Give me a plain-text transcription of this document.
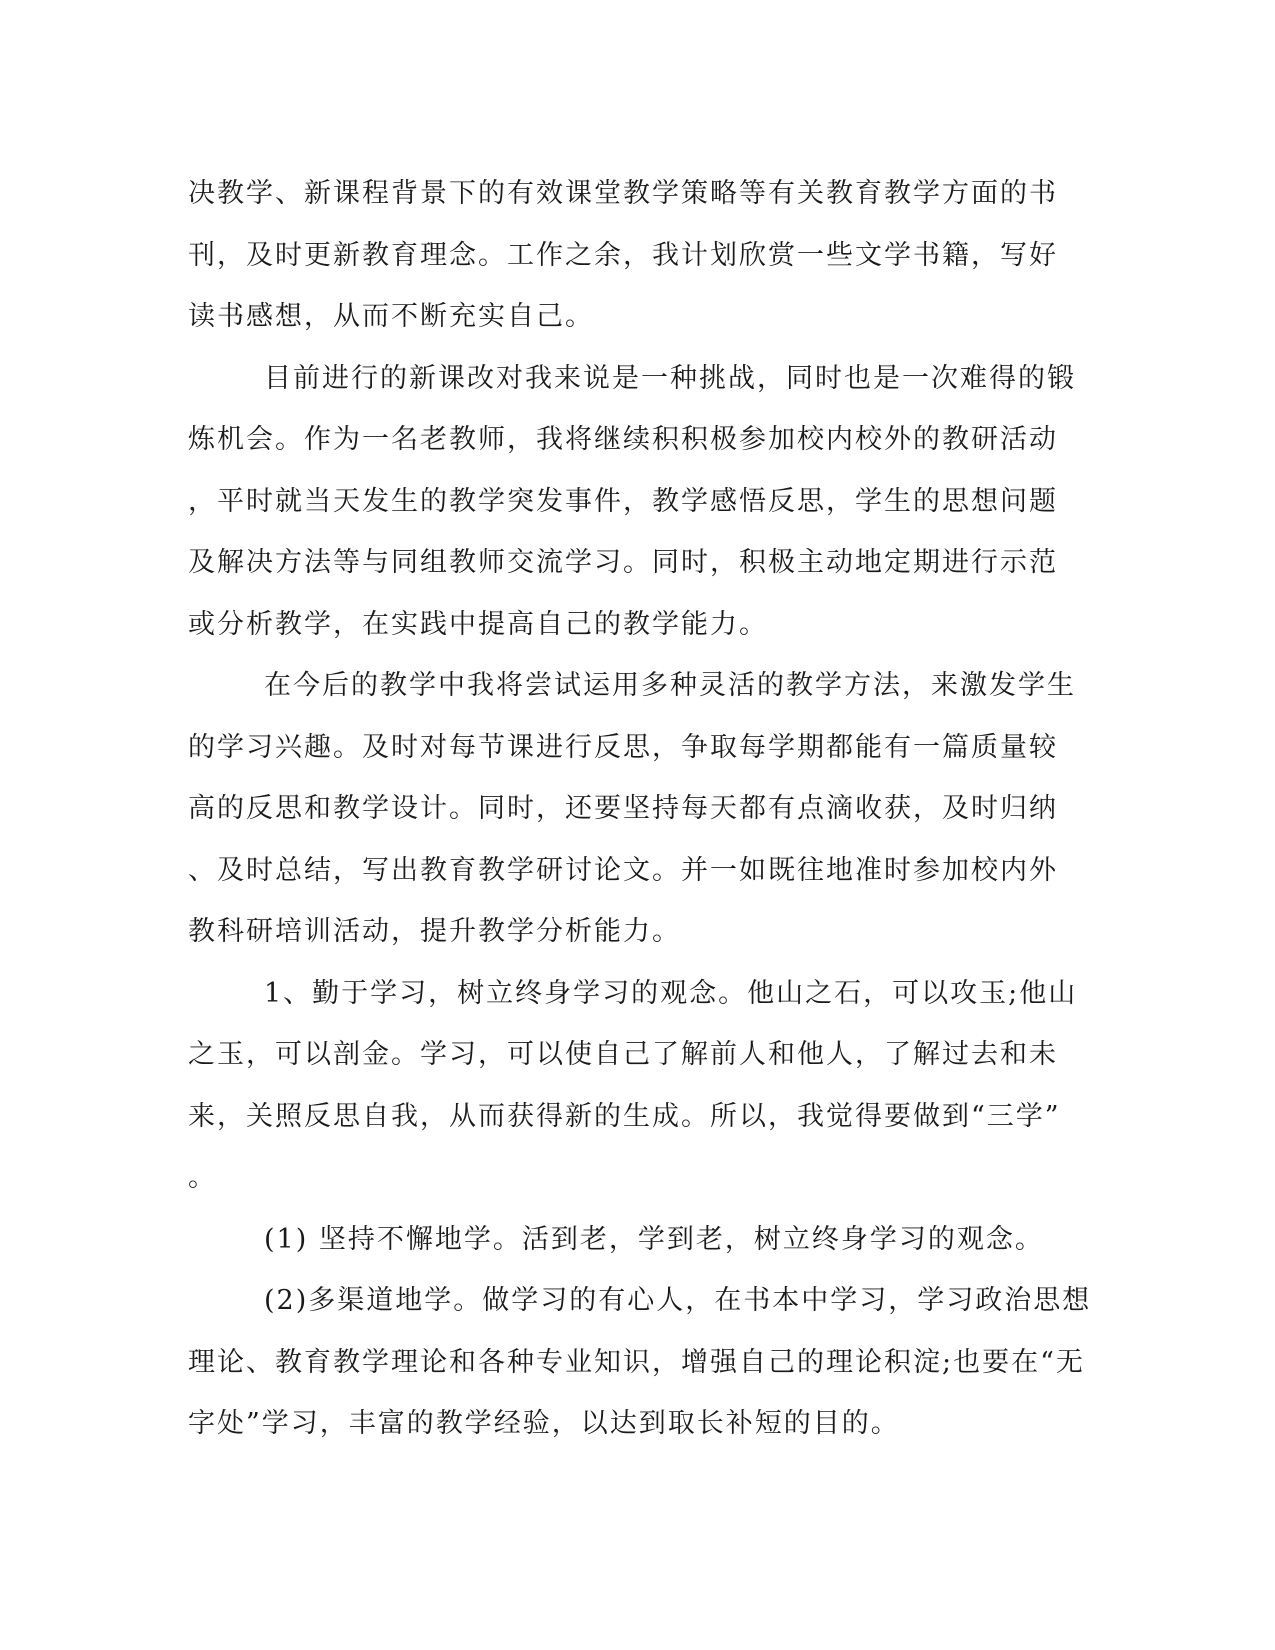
决教学、新课程背景下的有效课堂教学策略等有关教育教学方面的书
刊，及时更新教育理念。工作之余，我计划欣赏一些文学书籍，写好
读书感想，从而不断充实自己。
目前进行的新课改对我来说是一种挑战，同时也是一次难得的锻
炼机会。作为一名老教师，我将继续积积极参加校内校外的教研活动
，平时就当天发生的教学突发事件，教学感悟反思，学生的思想问题
及解决方法等与同组教师交流学习。同时，积极主动地定期进行示范
或分析教学，在实践中提高自己的教学能力。
在今后的教学中我将尝试运用多种灵活的教学方法，来激发学生
的学习兴趣。及时对每节课进行反思，争取每学期都能有一篇质量较
高的反思和教学设计。同时，还要坚持每天都有点滴收获，及时归纳
、及时总结，写出教育教学研讨论文。并一如既往地准时参加校内外
教科研培训活动，提升教学分析能力。
1、勤于学习，树立终身学习的观念。他山之石，可以攻玉;他山
之玉，可以剖金。学习，可以使自己了解前人和他人，了解过去和未
来，关照反思自我，从而获得新的生成。所以，我觉得要做到“三学”
。
(1) 坚持不懈地学。活到老，学到老，树立终身学习的观念。
(2)多渠道地学。做学习的有心人，在书本中学习，学习政治思想
理论、教育教学理论和各种专业知识，增强自己的理论积淀;也要在“无
字处”学习，丰富的教学经验，以达到取长补短的目的。
